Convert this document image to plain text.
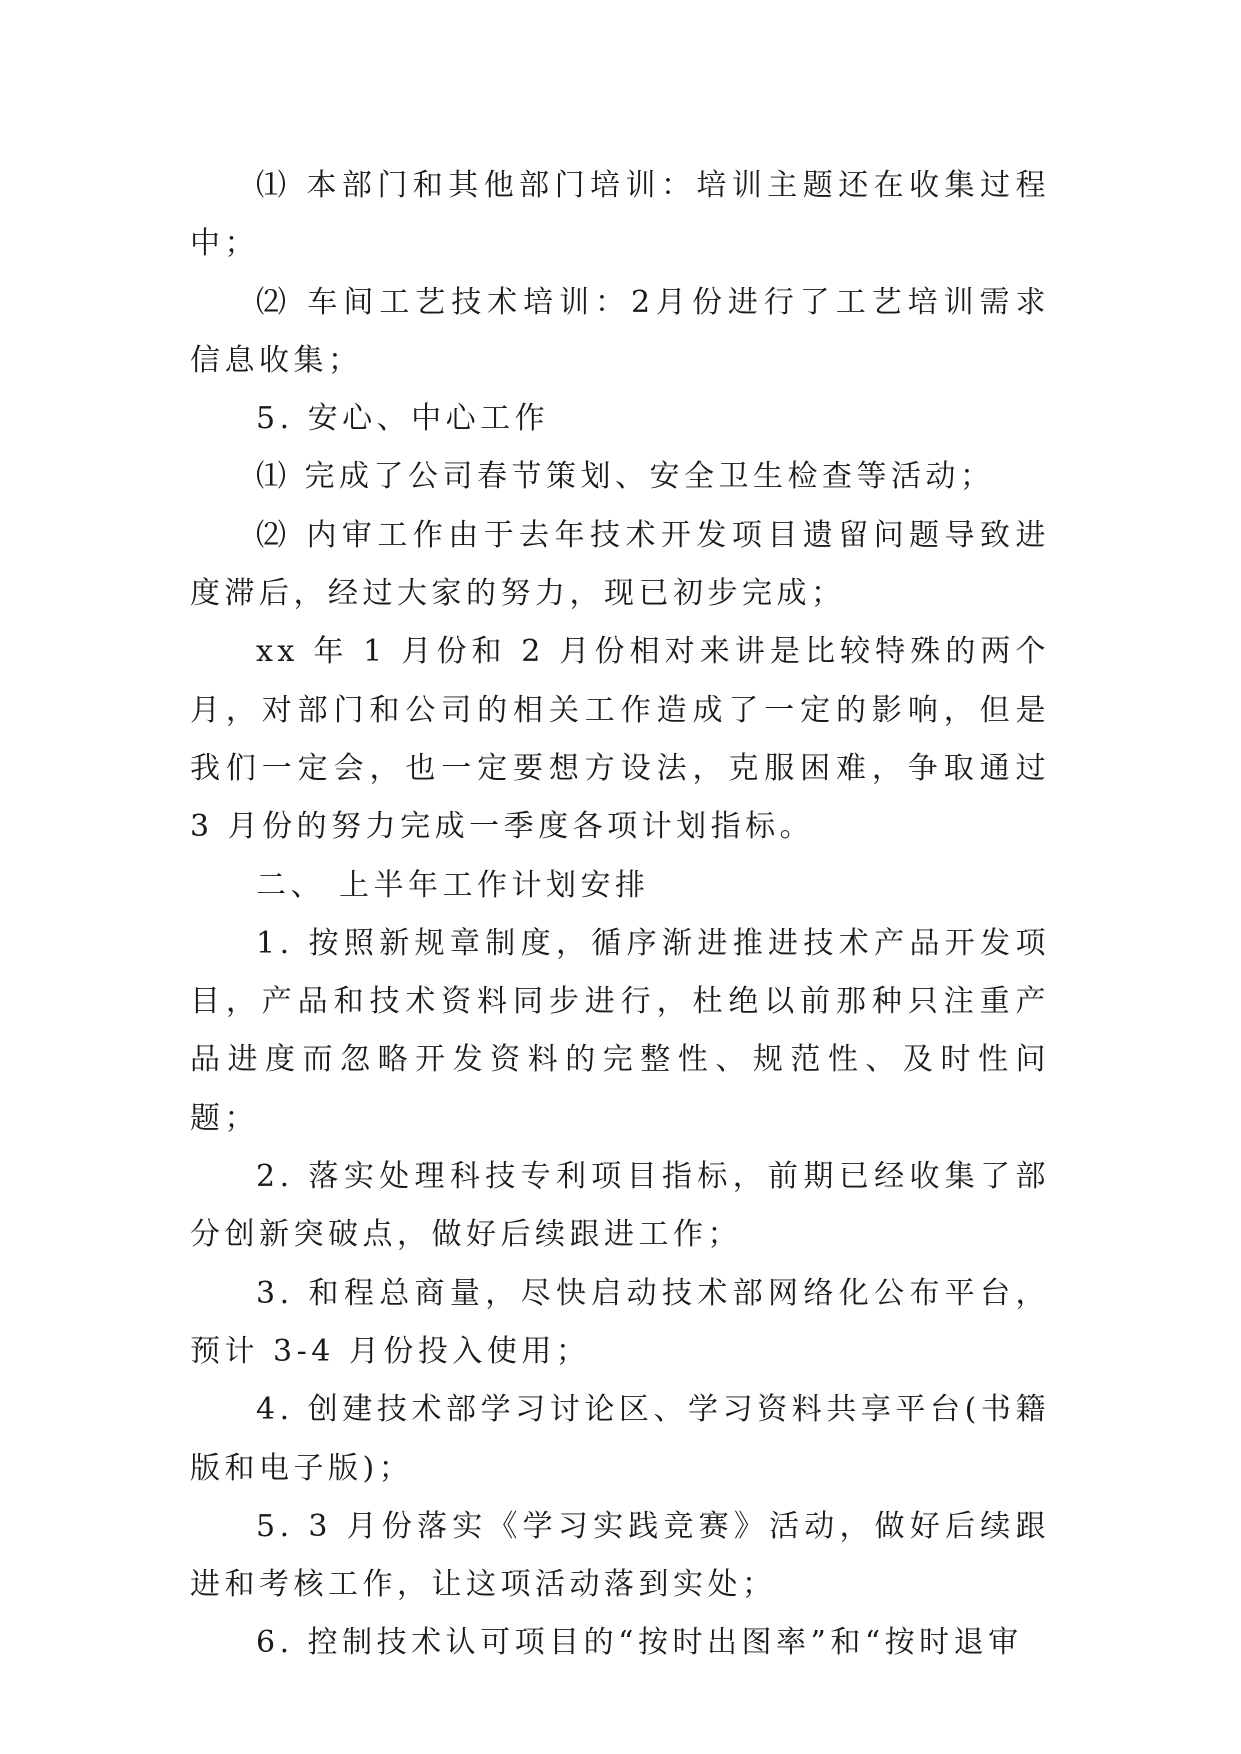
⑴ 本部门和其他部门培训：培训主题还在收集过程中；

⑵ 车间工艺技术培训：2月份进行了工艺培训需求信息收集；

5. 安心、中心工作

⑴ 完成了公司春节策划、安全卫生检查等活动；

⑵ 内审工作由于去年技术开发项目遗留问题导致进度滞后，经过大家的努力，现已初步完成；

xx 年 1 月份和 2 月份相对来讲是比较特殊的两个月，对部门和公司的相关工作造成了一定的影响，但是我们一定会，也一定要想方设法，克服困难，争取通过 3 月份的努力完成一季度各项计划指标。

二、 上半年工作计划安排

1. 按照新规章制度，循序渐进推进技术产品开发项目，产品和技术资料同步进行，杜绝以前那种只注重产品进度而忽略开发资料的完整性、规范性、及时性问题；

2. 落实处理科技专利项目指标，前期已经收集了部分创新突破点，做好后续跟进工作；

3. 和程总商量，尽快启动技术部网络化公布平台，预计 3-4 月份投入使用；

4. 创建技术部学习讨论区、学习资料共享平台(书籍版和电子版)；

5. 3 月份落实《学习实践竞赛》活动，做好后续跟进和考核工作，让这项活动落到实处；

6. 控制技术认可项目的“按时出图率”和“按时退审
